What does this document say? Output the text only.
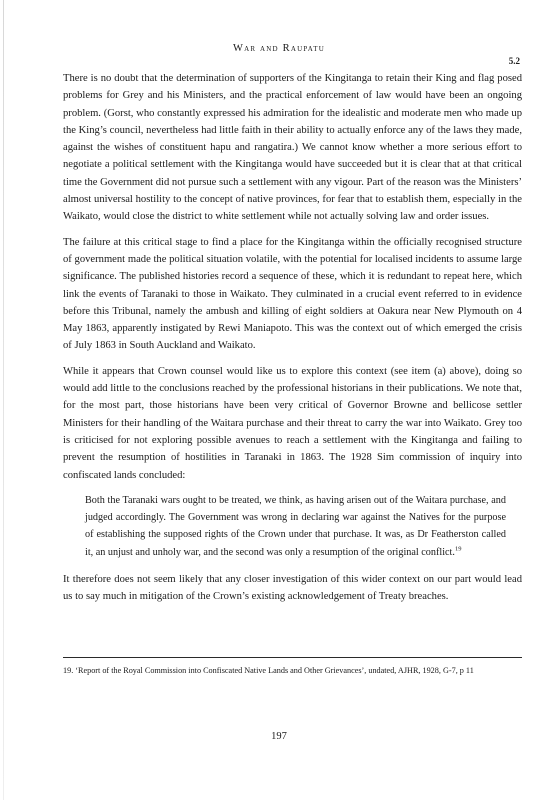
War and Raupatu
5.2

There is no doubt that the determination of supporters of the Kingitanga to retain their King and flag posed problems for Grey and his Ministers, and the practical enforcement of law would have been an ongoing problem. (Gorst, who constantly expressed his admiration for the idealistic and moderate men who made up the King’s council, nevertheless had little faith in their ability to actually enforce any of the laws they made, against the wishes of constituent hapu and rangatira.) We cannot know whether a more serious effort to negotiate a political settlement with the Kingitanga would have succeeded but it is clear that at that critical time the Government did not pursue such a settlement with any vigour. Part of the reason was the Ministers’ almost universal hostility to the concept of native provinces, for fear that to establish them, especially in the Waikato, would close the district to white settlement while not actually solving law and order issues.

The failure at this critical stage to find a place for the Kingitanga within the officially recognised structure of government made the political situation volatile, with the potential for localised incidents to assume large significance. The published histories record a sequence of these, which it is redundant to repeat here, which link the events of Taranaki to those in Waikato. They culminated in a crucial event referred to in evidence before this Tribunal, namely the ambush and killing of eight soldiers at Oakura near New Plymouth on 4 May 1863, apparently instigated by Rewi Maniapoto. This was the context out of which emerged the crisis of July 1863 in South Auckland and Waikato.

While it appears that Crown counsel would like us to explore this context (see item (a) above), doing so would add little to the conclusions reached by the professional historians in their publications. We note that, for the most part, those historians have been very critical of Governor Browne and bellicose settler Ministers for their handling of the Waitara purchase and their threat to carry the war into Waikato. Grey too is criticised for not exploring possible avenues to reach a settlement with the Kingitanga and failing to prevent the resumption of hostilities in Taranaki in 1863. The 1928 Sim commission of inquiry into confiscated lands concluded:

Both the Taranaki wars ought to be treated, we think, as having arisen out of the Waitara purchase, and judged accordingly. The Government was wrong in declaring war against the Natives for the purpose of establishing the supposed rights of the Crown under that purchase. It was, as Dr Featherston called it, an unjust and unholy war, and the second was only a resumption of the original conflict.$^{19}$

It therefore does not seem likely that any closer investigation of this wider context on our part would lead us to say much in mitigation of the Crown’s existing acknowledgement of Treaty breaches.

19. ‘Report of the Royal Commission into Confiscated Native Lands and Other Grievances’, undated, AJHR, 1928, G-7, p 11
197
